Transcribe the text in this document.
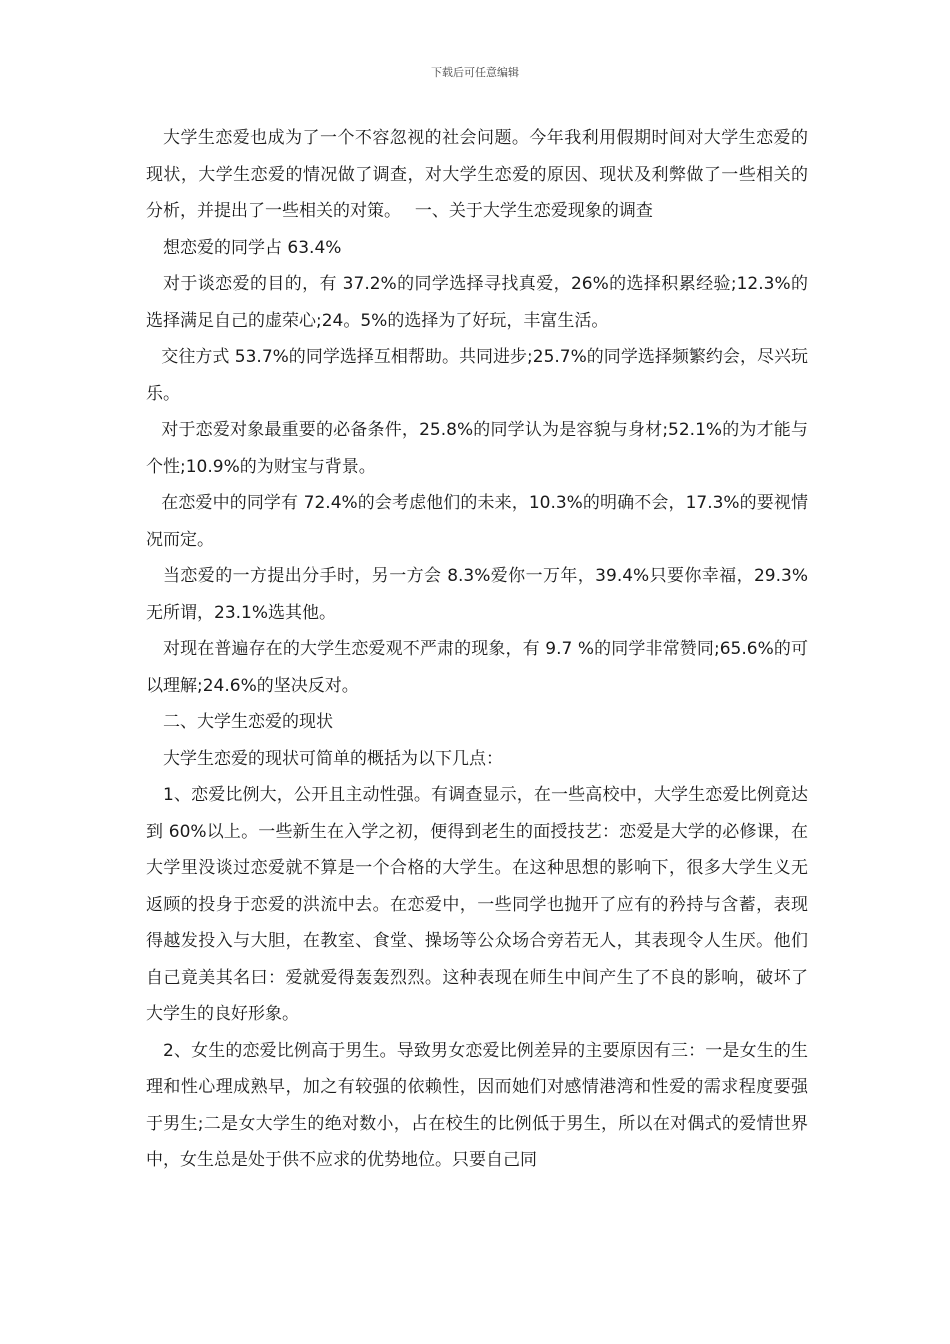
下载后可任意编辑

大学生恋爱也成为了一个不容忽视的社会问题。今年我利用假期时间对大学生恋爱的现状，大学生恋爱的情况做了调查，对大学生恋爱的原因、现状及利弊做了一些相关的分析，并提出了一些相关的对策。　 一、关于大学生恋爱现象的调查

想恋爱的同学占 63.4%

对于谈恋爱的目的，有 37.2%的同学选择寻找真爱，26%的选择积累经验;12.3%的选择满足自己的虚荣心;24。5%的选择为了好玩，丰富生活。

交往方式 53.7%的同学选择互相帮助。共同进步;25.7%的同学选择频繁约会，尽兴玩乐。

对于恋爱对象最重要的必备条件，25.8%的同学认为是容貌与身材;52.1%的为才能与个性;10.9%的为财宝与背景。

在恋爱中的同学有 72.4%的会考虑他们的未来，10.3%的明确不会，17.3%的要视情况而定。

当恋爱的一方提出分手时，另一方会 8.3%爱你一万年，39.4%只要你幸福，29.3%无所谓，23.1%选其他。

对现在普遍存在的大学生恋爱观不严肃的现象，有 9.7 %的同学非常赞同;65.6%的可以理解;24.6%的坚决反对。

二、大学生恋爱的现状

大学生恋爱的现状可简单的概括为以下几点：

1、恋爱比例大，公开且主动性强。有调查显示，在一些高校中，大学生恋爱比例竟达到 60%以上。一些新生在入学之初，便得到老生的面授技艺：恋爱是大学的必修课，在大学里没谈过恋爱就不算是一个合格的大学生。在这种思想的影响下，很多大学生义无返顾的投身于恋爱的洪流中去。在恋爱中，一些同学也抛开了应有的矜持与含蓄，表现得越发投入与大胆，在教室、食堂、操场等公众场合旁若无人，其表现令人生厌。他们自己竟美其名曰：爱就爱得轰轰烈烈。这种表现在师生中间产生了不良的影响，破坏了大学生的良好形象。

2、女生的恋爱比例高于男生。导致男女恋爱比例差异的主要原因有三：一是女生的生理和性心理成熟早，加之有较强的依赖性，因而她们对感情港湾和性爱的需求程度要强于男生;二是女大学生的绝对数小，占在校生的比例低于男生，所以在对偶式的爱情世界中，女生总是处于供不应求的优势地位。只要自己同
